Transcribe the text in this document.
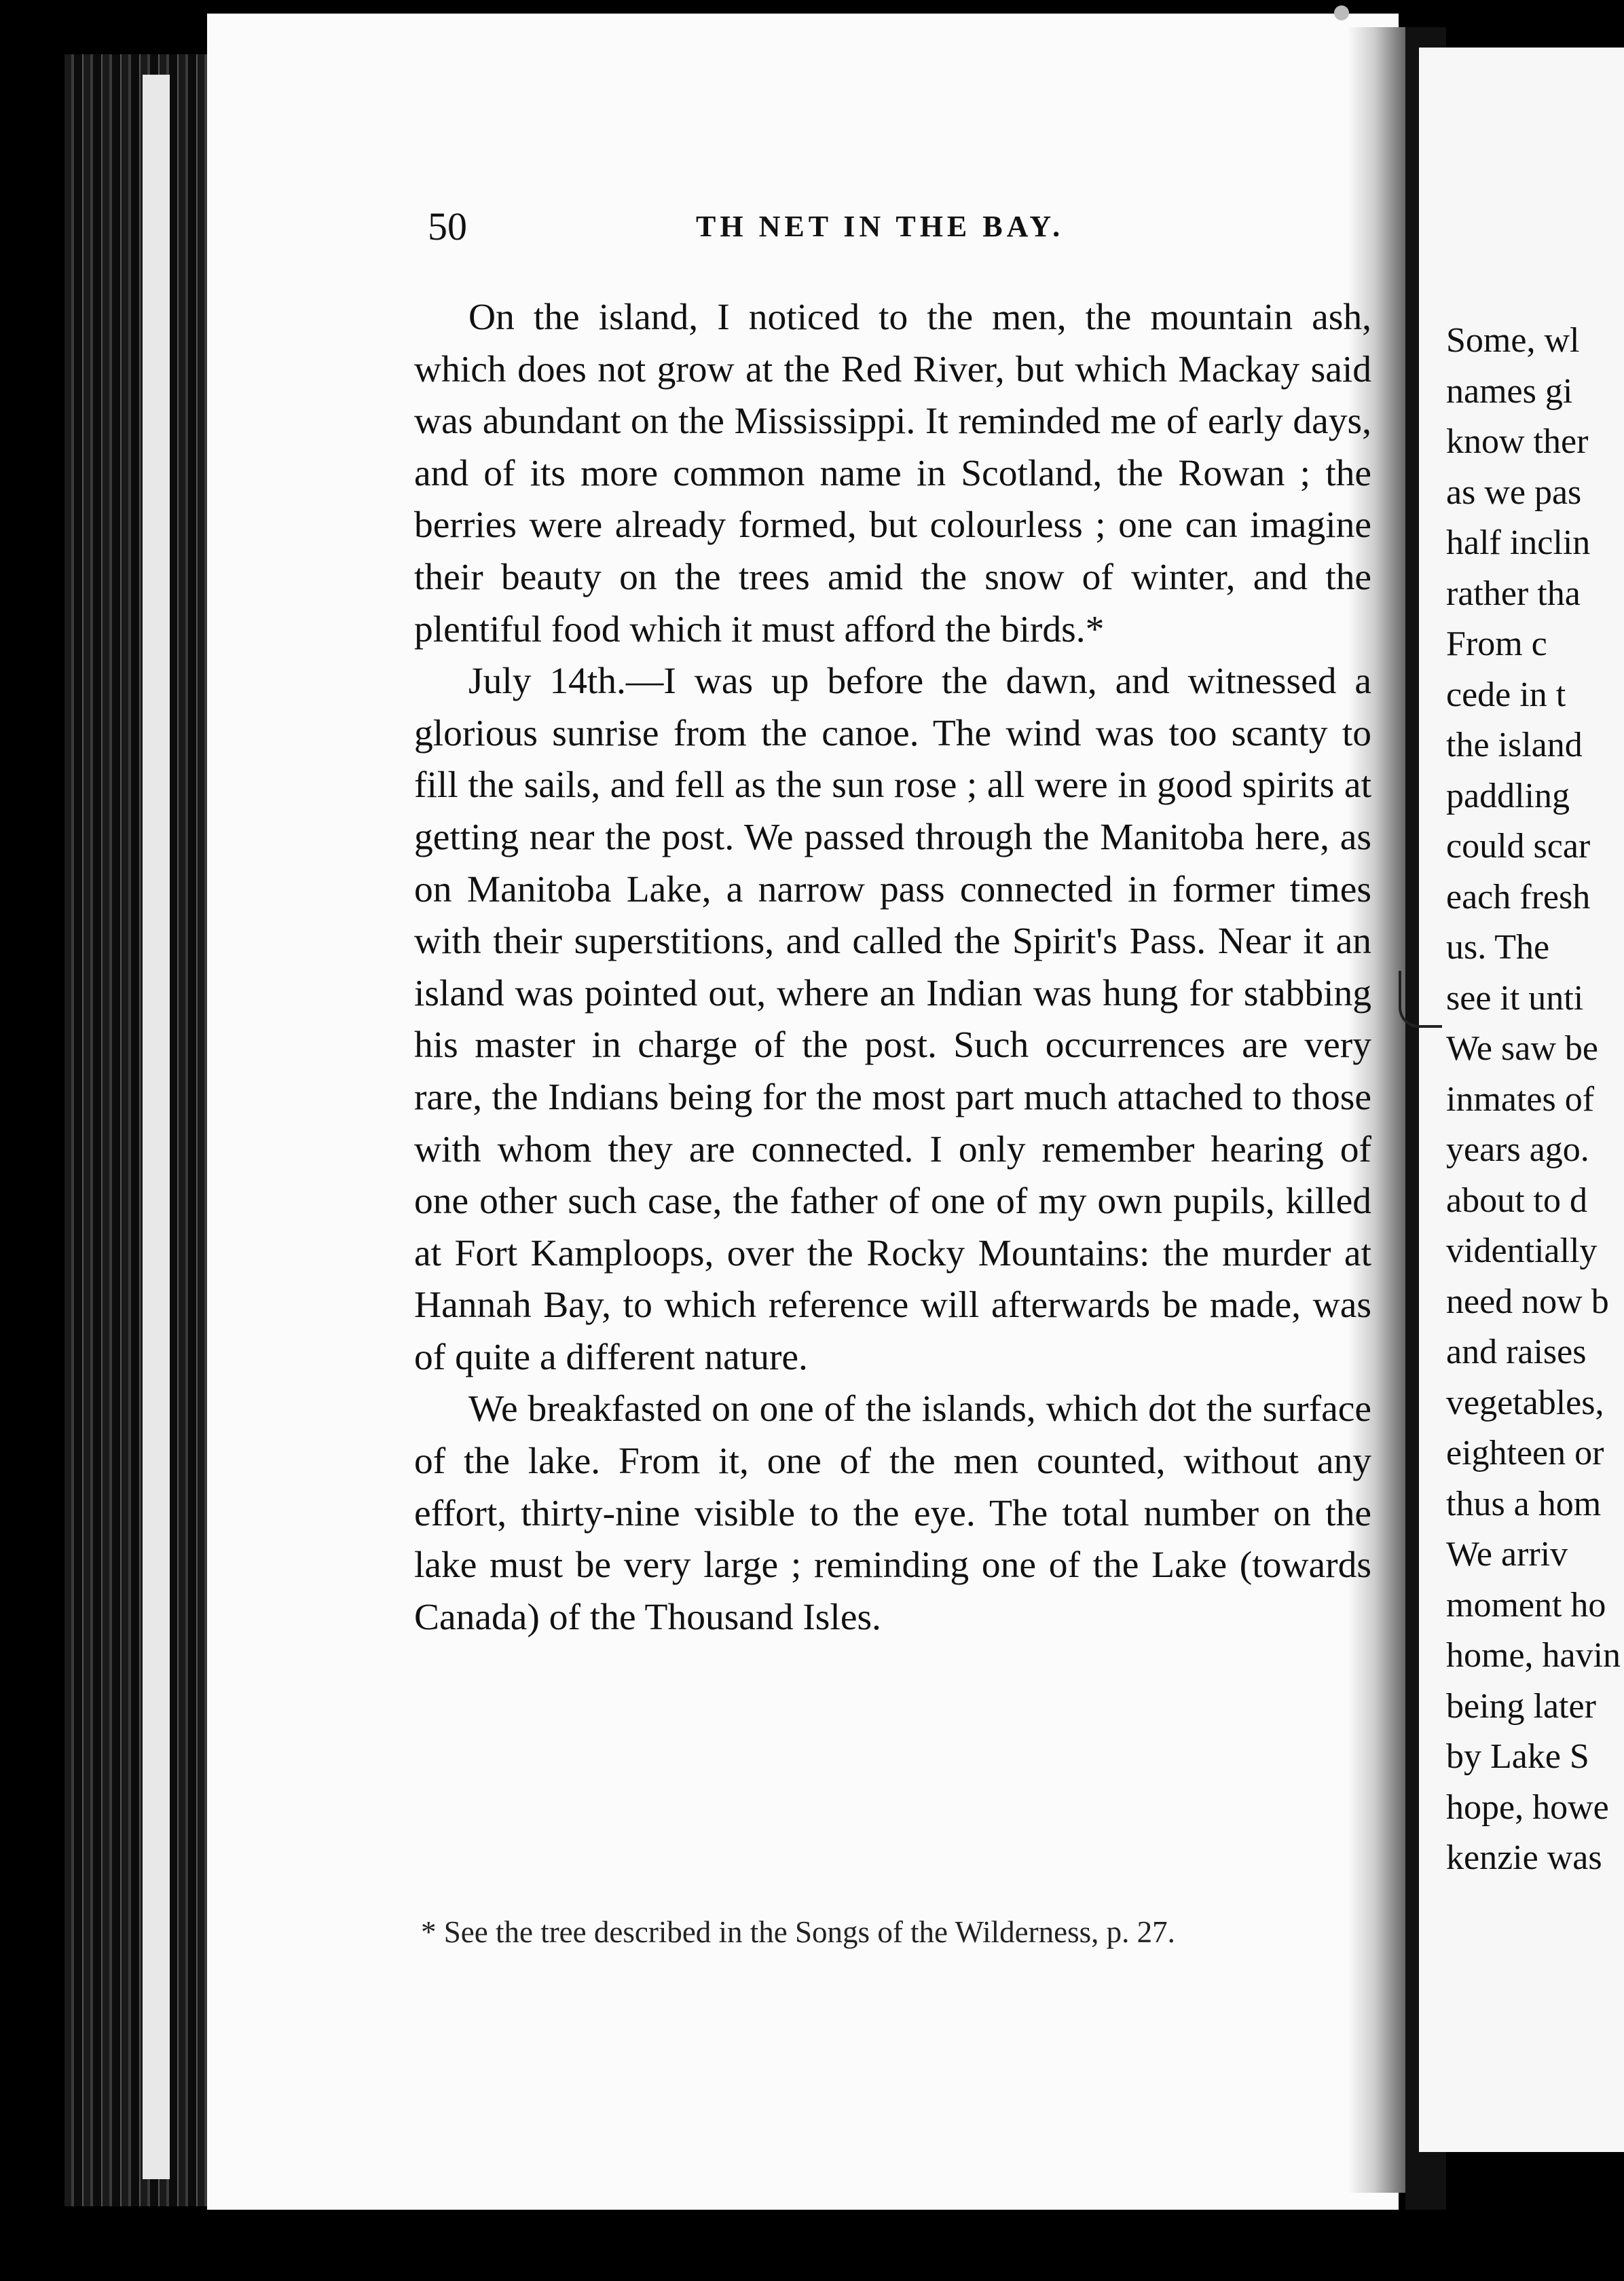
50	TH NET IN THE BAY.

On the island, I noticed to the men, the mountain ash, which does not grow at the Red River, but which Mackay said was abundant on the Mississippi. It reminded me of early days, and of its more common name in Scotland, the Rowan ; the berries were already formed, but colourless ; one can imagine their beauty on the trees amid the snow of winter, and the plentiful food which it must afford the birds.*

July 14th.—I was up before the dawn, and witnessed a glorious sunrise from the canoe. The wind was too scanty to fill the sails, and fell as the sun rose ; all were in good spirits at getting near the post. We passed through the Manitoba here, as on Manitoba Lake, a narrow pass connected in former times with their superstitions, and called the Spirit's Pass. Near it an island was pointed out, where an Indian was hung for stabbing his master in charge of the post. Such occurrences are very rare, the Indians being for the most part much attached to those with whom they are connected. I only remember hearing of one other such case, the father of one of my own pupils, killed at Fort Kamploops, over the Rocky Mountains: the murder at Hannah Bay, to which reference will afterwards be made, was of quite a different nature.

We breakfasted on one of the islands, which dot the surface of the lake. From it, one of the men counted, without any effort, thirty-nine visible to the eye. The total number on the lake must be very large ; reminding one of the Lake (towards Canada) of the Thousand Isles.

* See the tree described in the Songs of the Wilderness, p. 27.
Some, wl
names gi
know ther
as we pas
half inclin
rather tha
From c
cede in t
the island
paddling
could scar
each fresh
us. The
see it unti
We saw be
inmates of
years ago.
about to d
videntially
need now b
and raises
vegetables,
eighteen or
thus a hom
We arriv
moment ho
home, havin
being later
by Lake S
hope, howe
kenzie was
